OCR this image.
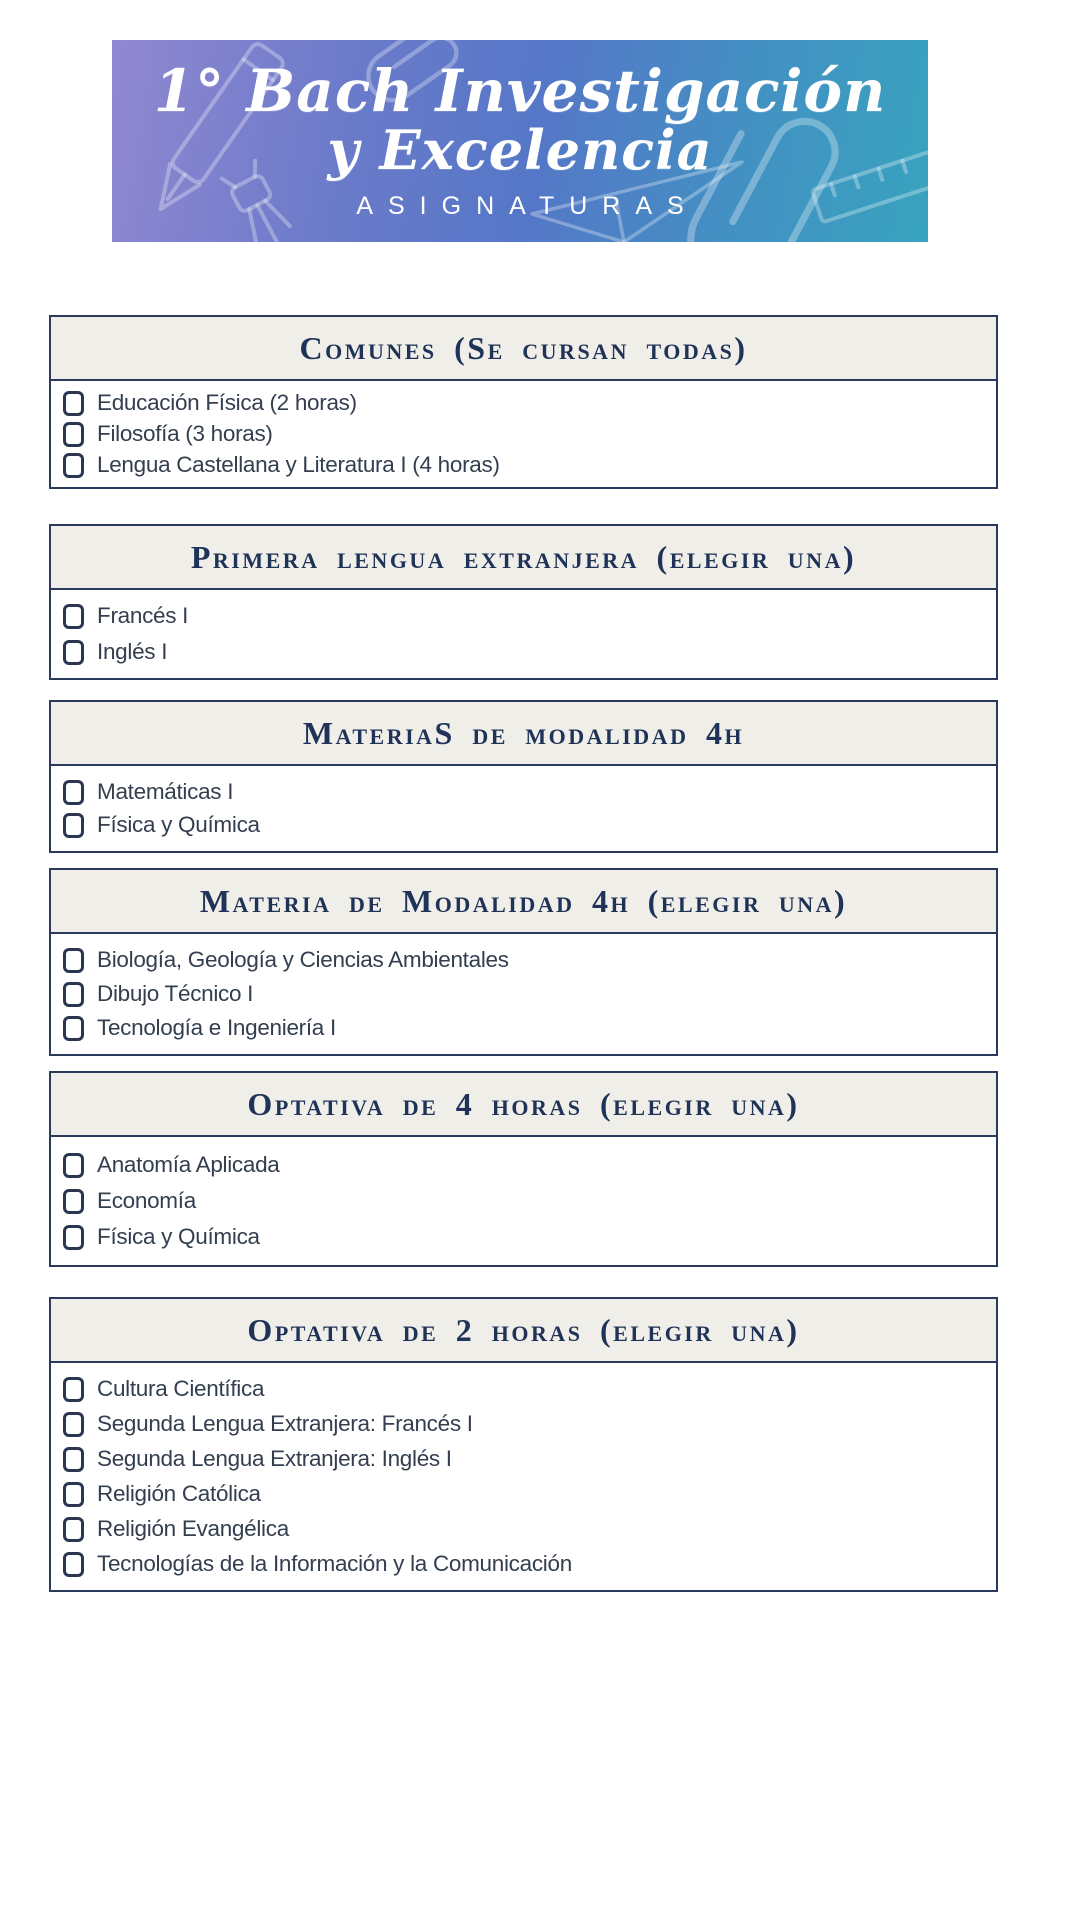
1° Bach Investigación
y Excelencia
ASIGNATURAS
Comunes (Se cursan todas)
Educación Física (2 horas)
Filosofía (3 horas)
Lengua Castellana y Literatura I (4 horas)
Primera lengua extranjera (elegir una)
Francés I
Inglés I
MateriaS de modalidad 4h
Matemáticas I
Física y Química
Materia de Modalidad 4h (elegir una)
Biología, Geología y Ciencias Ambientales
Dibujo Técnico I
Tecnología e Ingeniería I
Optativa de 4 horas (elegir una)
Anatomía Aplicada
Economía
Física y Química
Optativa de 2 horas (elegir una)
Cultura Científica
Segunda Lengua Extranjera: Francés I
Segunda Lengua Extranjera: Inglés I
Religión Católica
Religión Evangélica
Tecnologías de la Información y la Comunicación
